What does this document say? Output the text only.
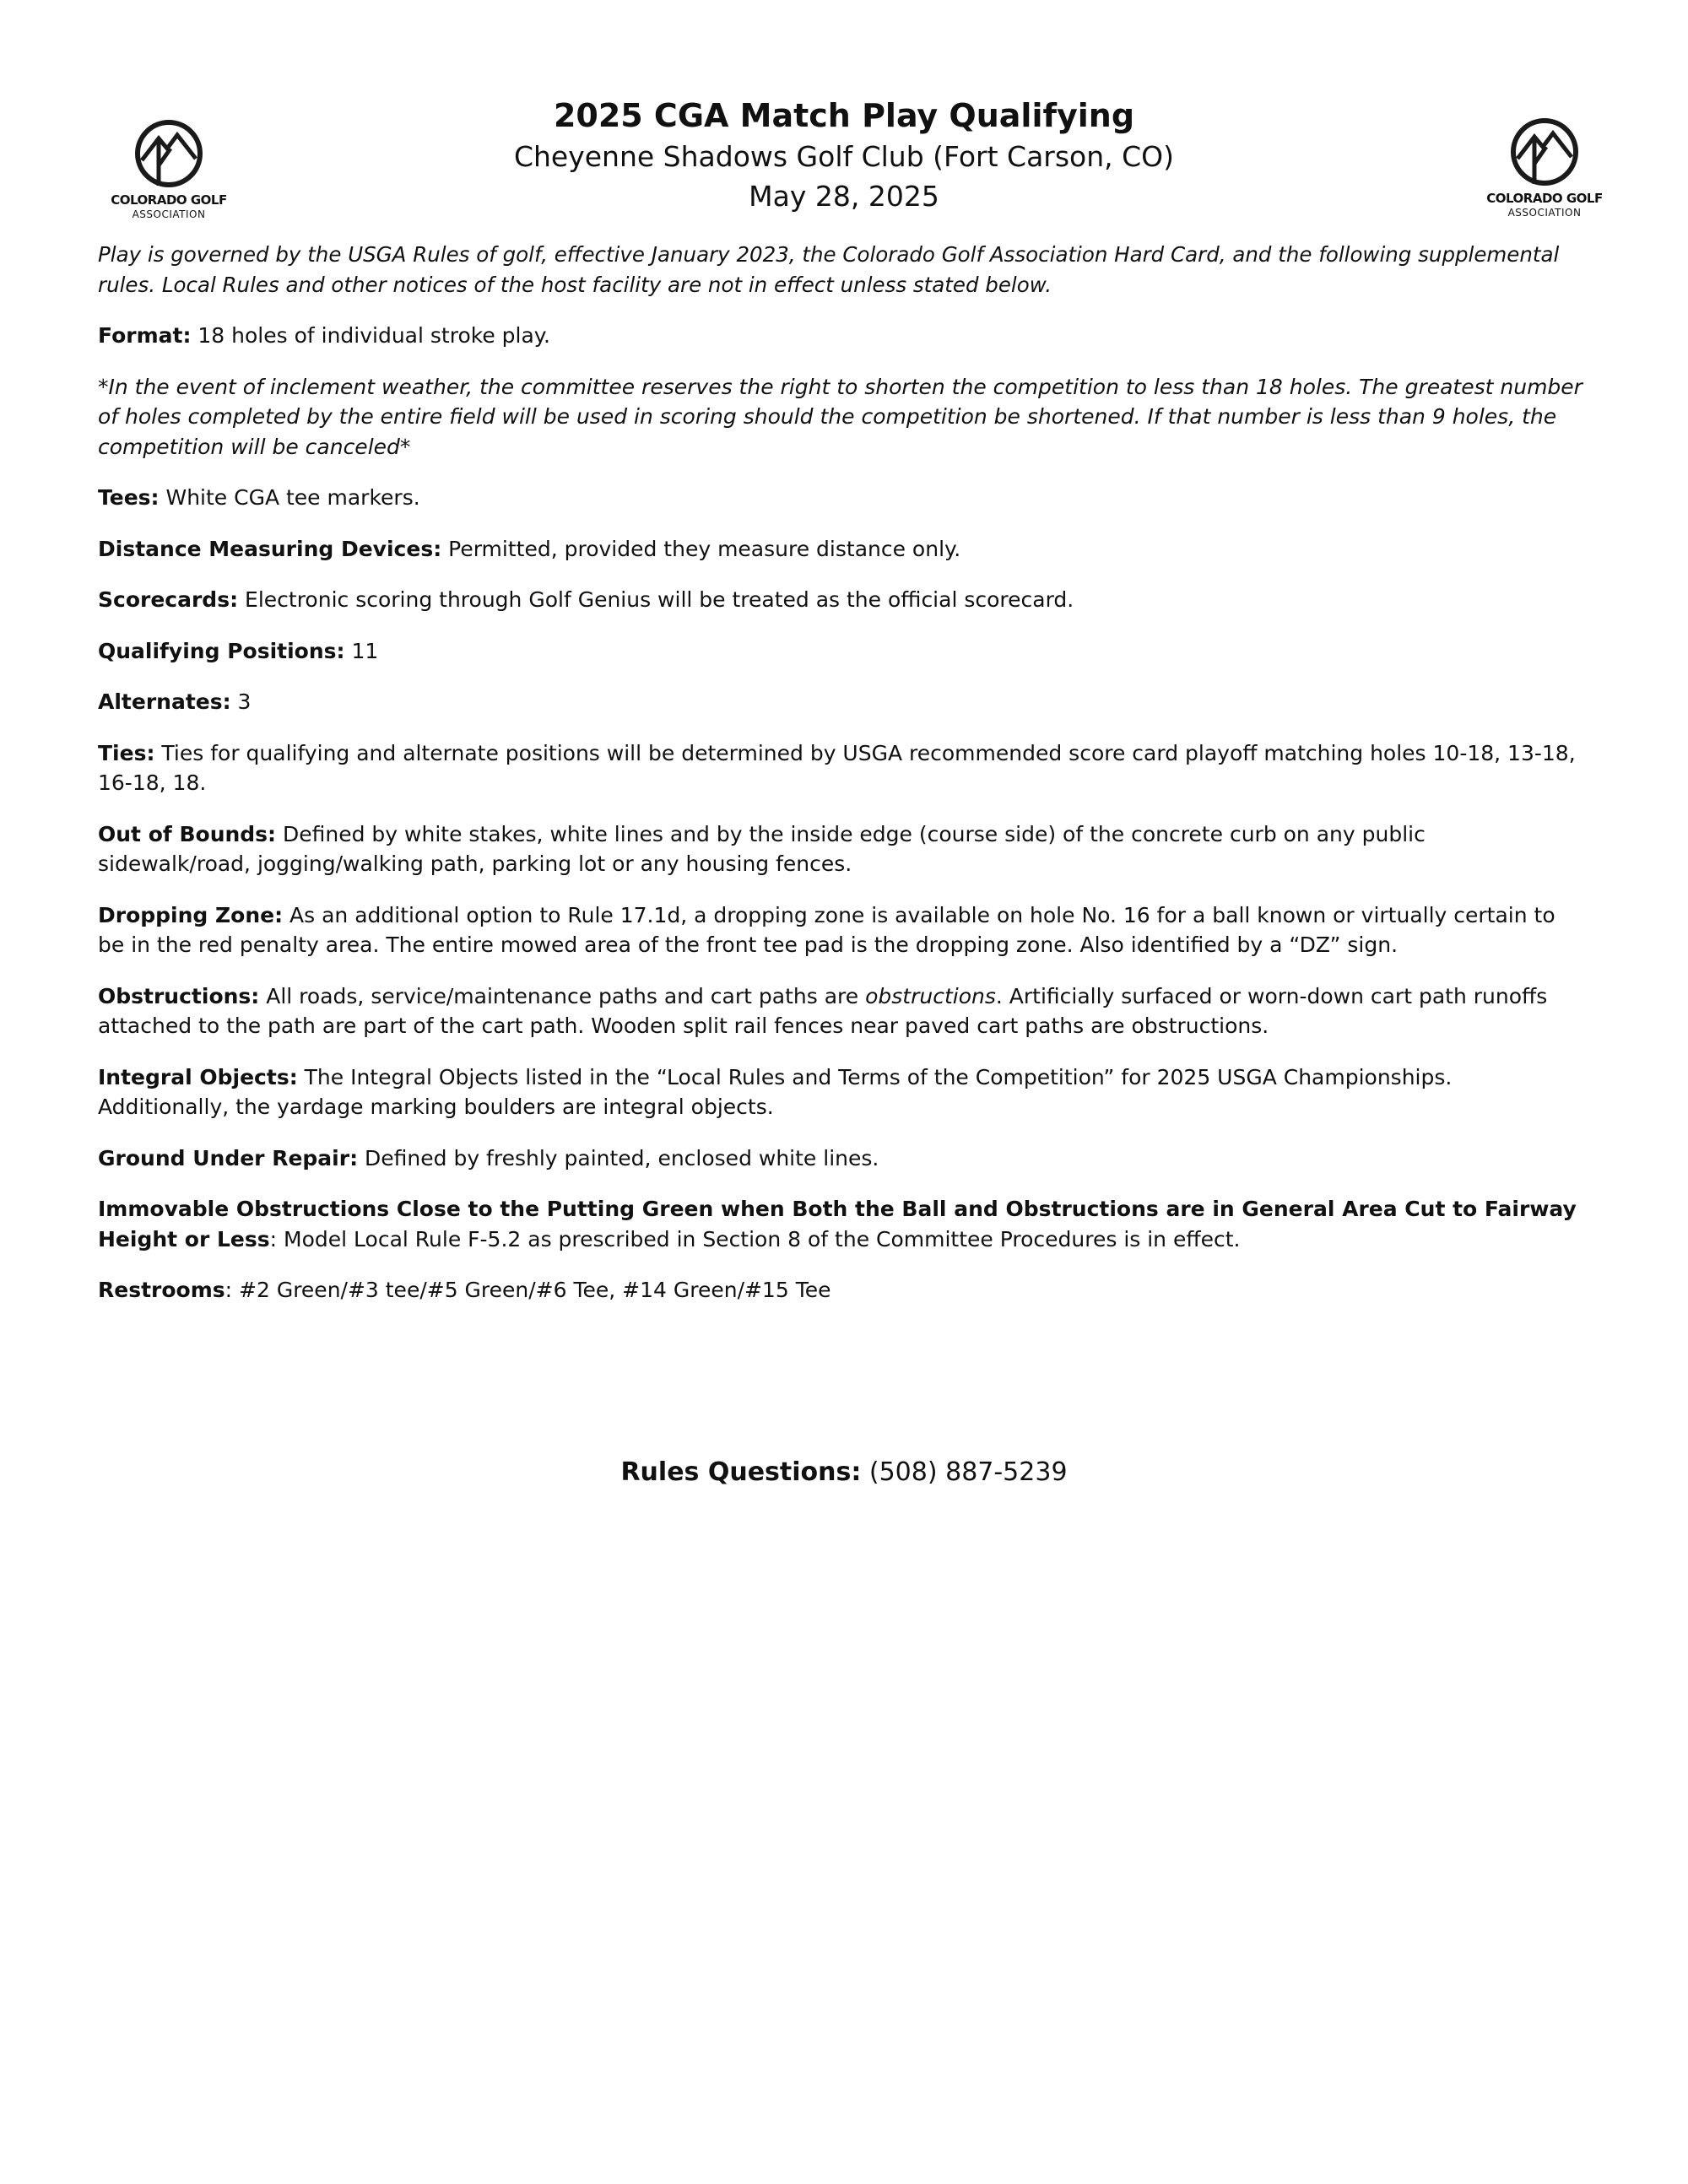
COLORADO GOLF
ASSOCIATION
COLORADO GOLF
ASSOCIATION
2025 CGA Match Play Qualifying
Cheyenne Shadows Golf Club (Fort Carson, CO)
May 28, 2025

Play is governed by the USGA Rules of golf, effective January 2023, the Colorado Golf Association Hard Card, and the following supplemental rules. Local Rules and other notices of the host facility are not in effect unless stated below.

Format: 18 holes of individual stroke play.

*In the event of inclement weather, the committee reserves the right to shorten the competition to less than 18 holes. The greatest number of holes completed by the entire field will be used in scoring should the competition be shortened. If that number is less than 9 holes, the competition will be canceled*

Tees: White CGA tee markers.

Distance Measuring Devices: Permitted, provided they measure distance only.

Scorecards: Electronic scoring through Golf Genius will be treated as the official scorecard.

Qualifying Positions: 11

Alternates: 3

Ties: Ties for qualifying and alternate positions will be determined by USGA recommended score card playoff matching holes 10-18, 13-18, 16-18, 18.

Out of Bounds: Defined by white stakes, white lines and by the inside edge (course side) of the concrete curb on any public sidewalk/road, jogging/walking path, parking lot or any housing fences.

Dropping Zone: As an additional option to Rule 17.1d, a dropping zone is available on hole No. 16 for a ball known or virtually certain to be in the red penalty area. The entire mowed area of the front tee pad is the dropping zone. Also identified by a “DZ” sign.

Obstructions: All roads, service/maintenance paths and cart paths are obstructions. Artificially surfaced or worn-down cart path runoffs attached to the path are part of the cart path. Wooden split rail fences near paved cart paths are obstructions.

Integral Objects: The Integral Objects listed in the “Local Rules and Terms of the Competition” for 2025 USGA Championships. Additionally, the yardage marking boulders are integral objects.

Ground Under Repair: Defined by freshly painted, enclosed white lines.

Immovable Obstructions Close to the Putting Green when Both the Ball and Obstructions are in General Area Cut to Fairway Height or Less: Model Local Rule F-5.2 as prescribed in Section 8 of the Committee Procedures is in effect.

Restrooms: #2 Green/#3 tee/#5 Green/#6 Tee, #14 Green/#15 Tee

Rules Questions: (508) 887-5239
